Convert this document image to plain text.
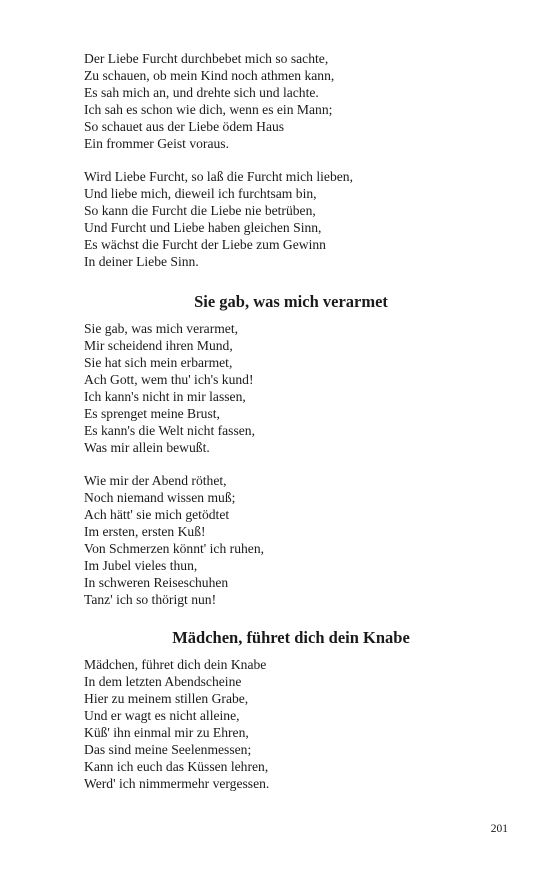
Der Liebe Furcht durchbebet mich so sachte,
Zu schauen, ob mein Kind noch athmen kann,
Es sah mich an, und drehte sich und lachte.
Ich sah es schon wie dich, wenn es ein Mann;
So schauet aus der Liebe ödem Haus
Ein frommer Geist voraus.
Wird Liebe Furcht, so laß die Furcht mich lieben,
Und liebe mich, dieweil ich furchtsam bin,
So kann die Furcht die Liebe nie betrüben,
Und Furcht und Liebe haben gleichen Sinn,
Es wächst die Furcht der Liebe zum Gewinn
In deiner Liebe Sinn.
Sie gab, was mich verarmet
Sie gab, was mich verarmet,
Mir scheidend ihren Mund,
Sie hat sich mein erbarmet,
Ach Gott, wem thu' ich's kund!
Ich kann's nicht in mir lassen,
Es sprenget meine Brust,
Es kann's die Welt nicht fassen,
Was mir allein bewußt.
Wie mir der Abend röthet,
Noch niemand wissen muß;
Ach hätt' sie mich getödtet
Im ersten, ersten Kuß!
Von Schmerzen könnt' ich ruhen,
Im Jubel vieles thun,
In schweren Reiseschuhen
Tanz' ich so thörigt nun!
Mädchen, führet dich dein Knabe
Mädchen, führet dich dein Knabe
In dem letzten Abendscheine
Hier zu meinem stillen Grabe,
Und er wagt es nicht alleine,
Küß' ihn einmal mir zu Ehren,
Das sind meine Seelenmessen;
Kann ich euch das Küssen lehren,
Werd' ich nimmermehr vergessen.
201
